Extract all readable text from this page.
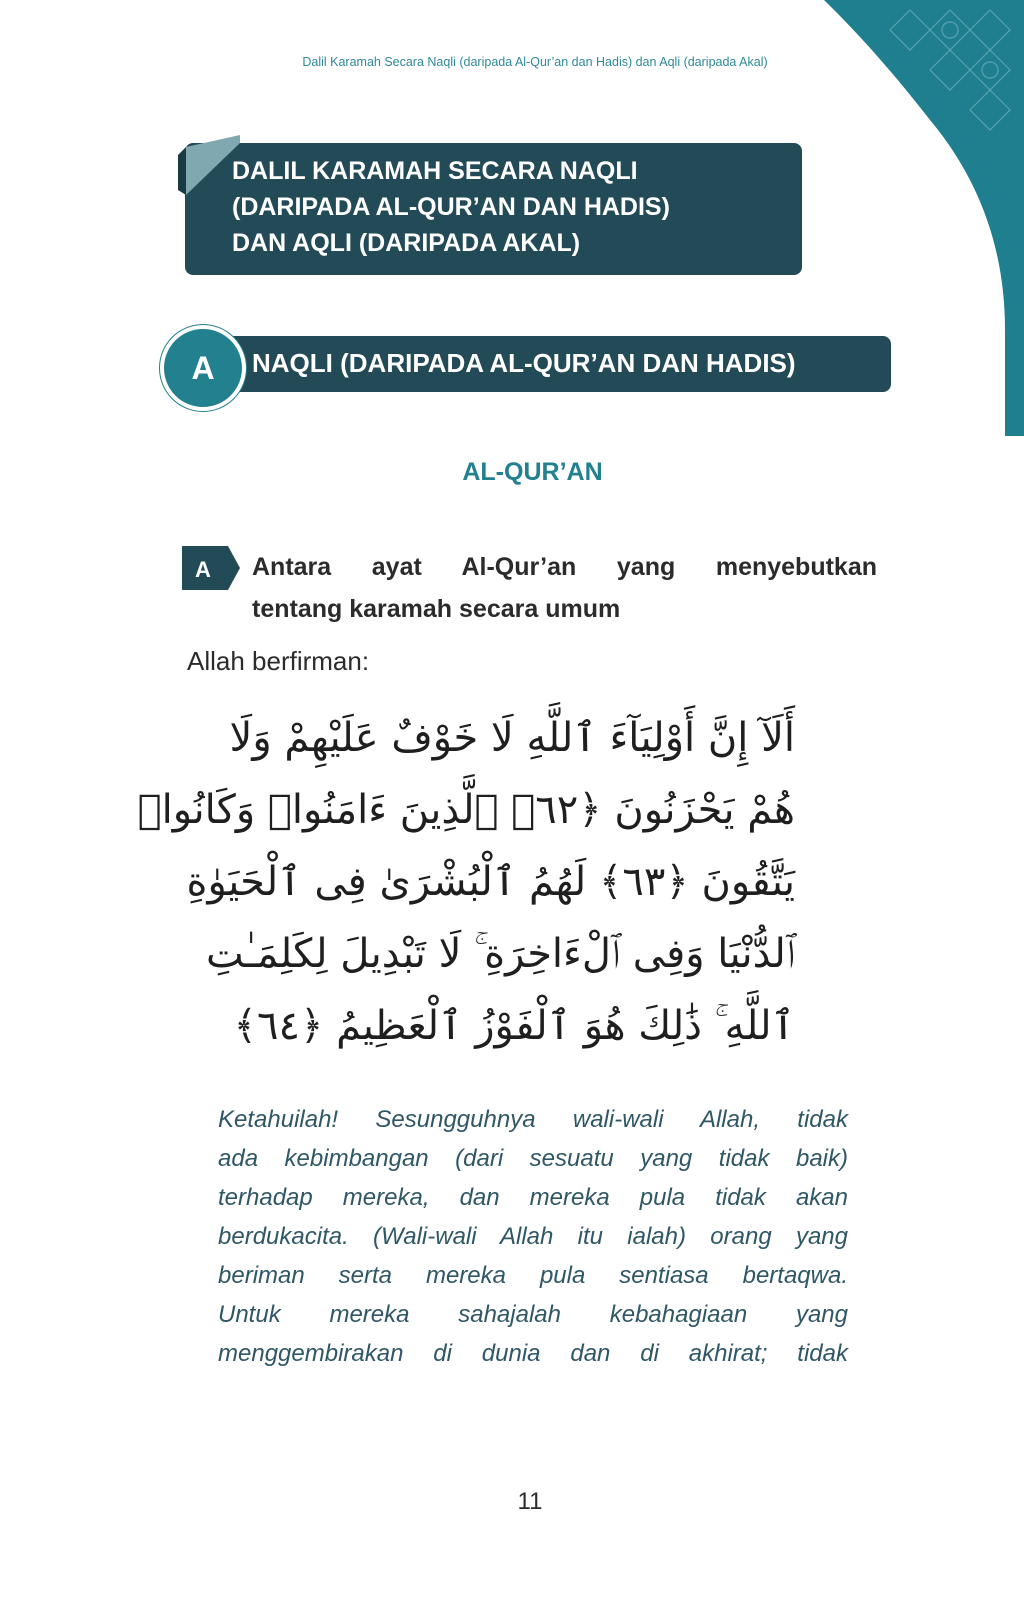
Dalil Karamah Secara Naqli (daripada Al-Qur’an dan Hadis) dan Aqli (daripada Akal)
DALIL KARAMAH SECARA NAQLI
(DARIPADA AL-QUR’AN DAN HADIS)
DAN AQLI (DARIPADA AKAL)
A	NAQLI (DARIPADA AL-QUR’AN DAN HADIS)
AL-QUR’AN
A Antara ayat Al-Qur’an yang menyebutkan
tentang karamah secara umum
Allah berfirman:
أَلَآ إِنَّ أَوْلِيَآءَ ٱللَّهِ لَا خَوْفٌ عَلَيْهِمْ وَلَا
هُمْ يَحْزَنُونَ ﴿٦٢﴾ ٱلَّذِينَ ءَامَنُوا۟ وَكَانُوا۟
يَتَّقُونَ ﴿٦٣﴾ لَهُمُ ٱلْبُشْرَىٰ فِى ٱلْحَيَوٰةِ
ٱلدُّنْيَا وَفِى ٱلْءَاخِرَةِ ۚ لَا تَبْدِيلَ لِكَلِمَـٰتِ
ٱللَّهِ ۚ ذَٰلِكَ هُوَ ٱلْفَوْزُ ٱلْعَظِيمُ ﴿٦٤﴾
Ketahuilah! Sesungguhnya wali-wali Allah, tidak
ada kebimbangan (dari sesuatu yang tidak baik)
terhadap mereka, dan mereka pula tidak akan
berdukacita. (Wali-wali Allah itu ialah) orang yang
beriman serta mereka pula sentiasa bertaqwa.
Untuk mereka sahajalah kebahagiaan yang
menggembirakan di dunia dan di akhirat; tidak
11
